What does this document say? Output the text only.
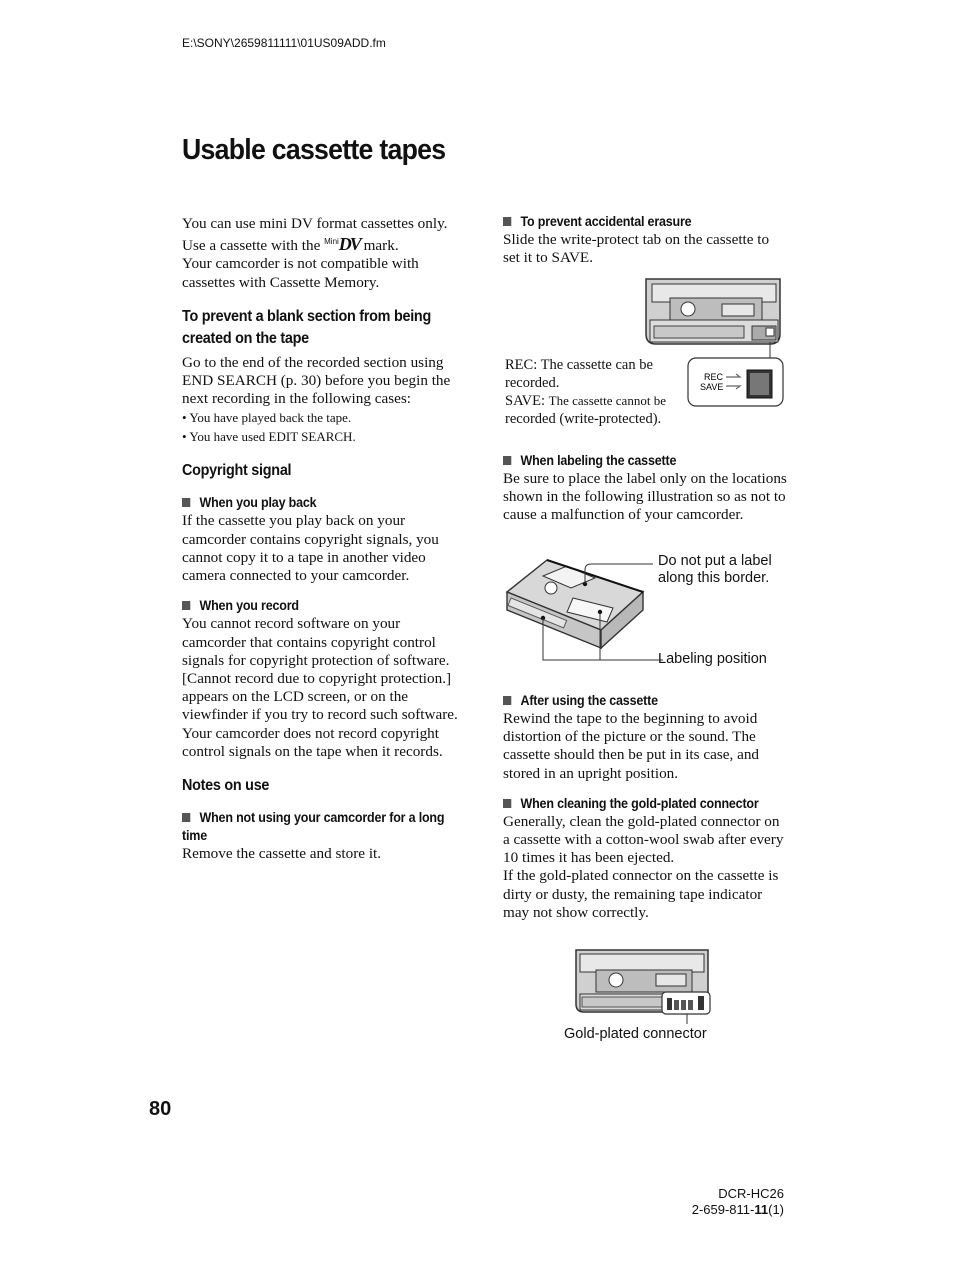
E:\SONY\2659811111\01US09ADD.fm
Usable cassette tapes

You can use mini DV format cassettes only.
Use a cassette with the $^{Mini}$DV mark.
Your camcorder is not compatible with cassettes with Cassette Memory.

To prevent a blank section from being created on the tape

Go to the end of the recorded section using END SEARCH (p. 30) before you begin the next recording in the following cases:

• You have played back the tape.
• You have used EDIT SEARCH.
Copyright signal
When you play back

If the cassette you play back on your camcorder contains copyright signals, you cannot copy it to a tape in another video camera connected to your camcorder.

When you record

You cannot record software on your camcorder that contains copyright control signals for copyright protection of software. [Cannot record due to copyright protection.] appears on the LCD screen, or on the viewfinder if you try to record such software. Your camcorder does not record copyright control signals on the tape when it records.

Notes on use
When not using your camcorder for a long time

Remove the cassette and store it.

To prevent accidental erasure

Slide the write-protect tab on the cassette to set it to SAVE.

REC
SAVE

REC: The cassette can be recorded.

SAVE: The cassette cannot be recorded (write-protected).

When labeling the cassette

Be sure to place the label only on the locations shown in the following illustration so as not to cause a malfunction of your camcorder.

Do not put a label along this border.
Labeling position
After using the cassette

Rewind the tape to the beginning to avoid distortion of the picture or the sound. The cassette should then be put in its case, and stored in an upright position.

When cleaning the gold-plated connector

Generally, clean the gold-plated connector on a cassette with a cotton-wool swab after every 10 times it has been ejected.

If the gold-plated connector on the cassette is dirty or dusty, the remaining tape indicator may not show correctly.

Gold-plated connector
80
DCR-HC26
2-659-811-11(1)
